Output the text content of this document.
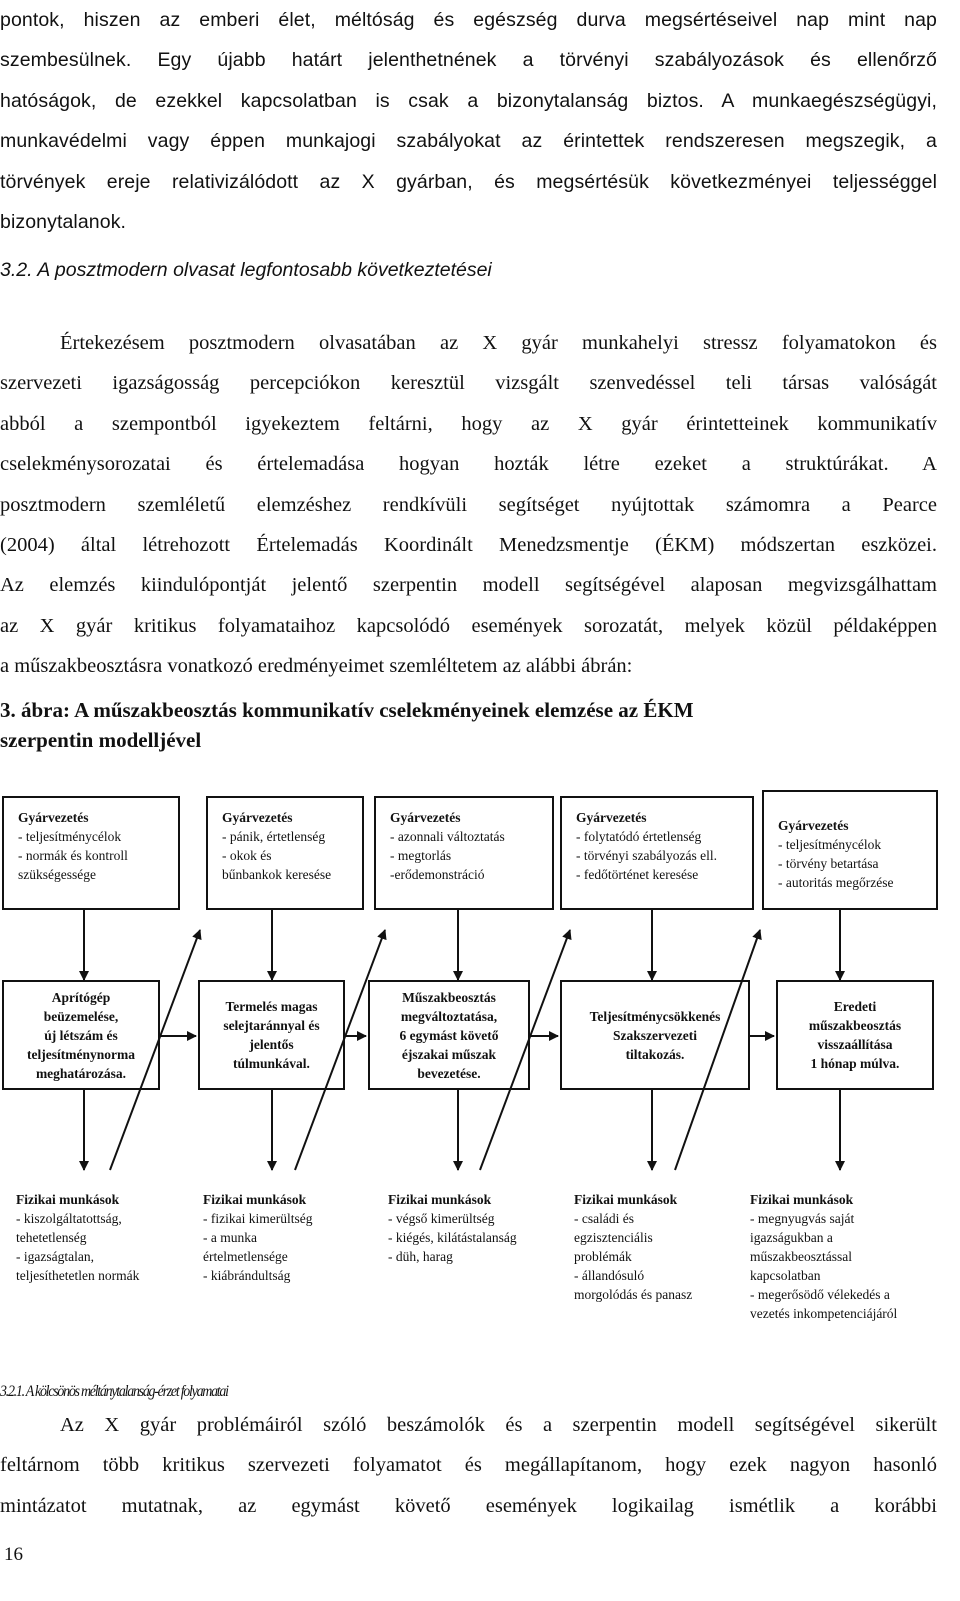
pontok, hiszen az emberi élet, méltóság és egészség durva megsértéseivel nap mint nap
szembesülnek. Egy újabb határt jelenthetnének a törvényi szabályozások és ellenőrző
hatóságok, de ezekkel kapcsolatban is csak a bizonytalanság biztos. A munkaegészségügyi,
munkavédelmi vagy éppen munkajogi szabályokat az érintettek rendszeresen megszegik, a
törvények ereje relativizálódott az X gyárban, és megsértésük következményei teljességgel
bizonytalanok.
3.2. A posztmodern olvasat legfontosabb következtetései
Értekezésem posztmodern olvasatában az X gyár munkahelyi stressz folyamatokon és
szervezeti igazságosság percepciókon keresztül vizsgált szenvedéssel teli társas valóságát
abból a szempontból igyekeztem feltárni, hogy az X gyár érintetteinek kommunikatív
cselekménysorozatai és értelemadása hogyan hozták létre ezeket a struktúrákat. A
posztmodern szemléletű elemzéshez rendkívüli segítséget nyújtottak számomra a Pearce
(2004) által létrehozott Értelemadás Koordinált Menedzsmentje (ÉKM) módszertan eszközei.
Az elemzés kiindulópontját jelentő szerpentin modell segítségével alaposan megvizsgálhattam
az X gyár kritikus folyamataihoz kapcsolódó események sorozatát, melyek közül példaképpen
a műszakbeosztásra vonatkozó eredményeimet szemléltetem az alábbi ábrán:
3. ábra: A műszakbeosztás kommunikatív cselekményeinek elemzése az ÉKM
szerpentin modelljével
Gyárvezetés
- teljesítménycélok
- normák és kontroll
szükségessége
Gyárvezetés
- pánik, értetlenség
- okok és
bűnbankok keresése
Gyárvezetés
- azonnali változtatás
- megtorlás
-erődemonstráció
Gyárvezetés
- folytatódó értetlenség
- törvényi szabályozás ell.
- fedőtörténet keresése
Gyárvezetés
- teljesítménycélok
- törvény betartása
- autoritás megőrzése
Aprítógép
beüzemelése,
új létszám és
teljesítménynorma
meghatározása.
Termelés magas
selejtaránnyal és
jelentős
túlmunkával.
Műszakbeosztás
megváltoztatása,
6 egymást követő
éjszakai műszak
bevezetése.
Teljesítménycsökkenés
Szakszervezeti
tiltakozás.
Eredeti
műszakbeosztás
visszaállítása
1 hónap múlva.
Fizikai munkások
- kiszolgáltatottság,
tehetetlenség
- igazságtalan,
teljesíthetetlen normák
Fizikai munkások
- fizikai kimerültség
- a munka
értelmetlensége
- kiábrándultság
Fizikai munkások
- végső kimerültség
- kiégés, kilátástalanság
- düh, harag
Fizikai munkások
- családi és
egzisztenciális
problémák
- állandósuló
morgolódás és panasz
Fizikai munkások
- megnyugvás saját
igazságukban a
műszakbeosztással
kapcsolatban
- megerősödő vélekedés a
vezetés inkompetenciájáról
3.2.1. A kölcsönös méltánytalanság-érzet folyamatai
Az X gyár problémáiról szóló beszámolók és a szerpentin modell segítségével sikerült
feltárnom több kritikus szervezeti folyamatot és megállapítanom, hogy ezek nagyon hasonló
mintázatot mutatnak, az egymást követő események logikailag ismétlik a korábbi
16
